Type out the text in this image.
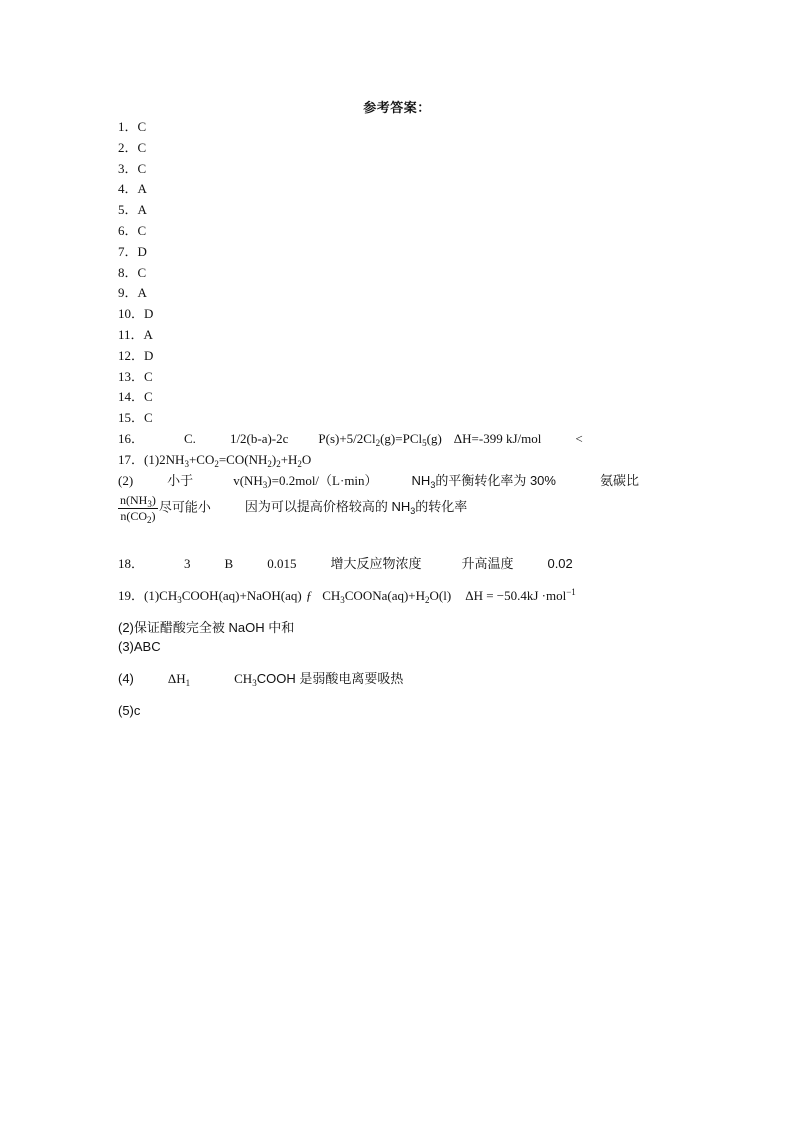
参考答案：
1．C
2．C
3．C
4．A
5．A
6．C
7．D
8．C
9．A
10．D
11．A
12．D
13．C
14．C
15．C
16．	C.	1/2(b-a)-2c $P(s)+5/2Cl_2(g)=PCl_5(g)$ ΔH=-399 kJ/mol	<
17．$(1)2NH_3+CO_2=CO(NH_2)_2+H_2O$
(2)	小于	$v(NH_3)=0.2mol/(L\cdot\min)$	$NH_3$的平衡转化率为 30%	氨碳比
$\frac{n(NH_3)}{n(CO_2)}$ 尽可能小	因为可以提高价格较高的 $NH_3$的转化率
18．	3	B	0.015	增大反应物浓度	升高温度	0.02
19．$(1)CH_3COOH(aq)+NaOH(aq)$ ƒ $CH_3COONa(aq)+H_2O(l) \Delta H = -50.4kJ \cdot mol^{-1}$
(2)保证醋酸完全被 NaOH 中和
(3)ABC
(4)	$\Delta H_1$	$CH_3COOH$ 是弱酸电离要吸热
(5)c
